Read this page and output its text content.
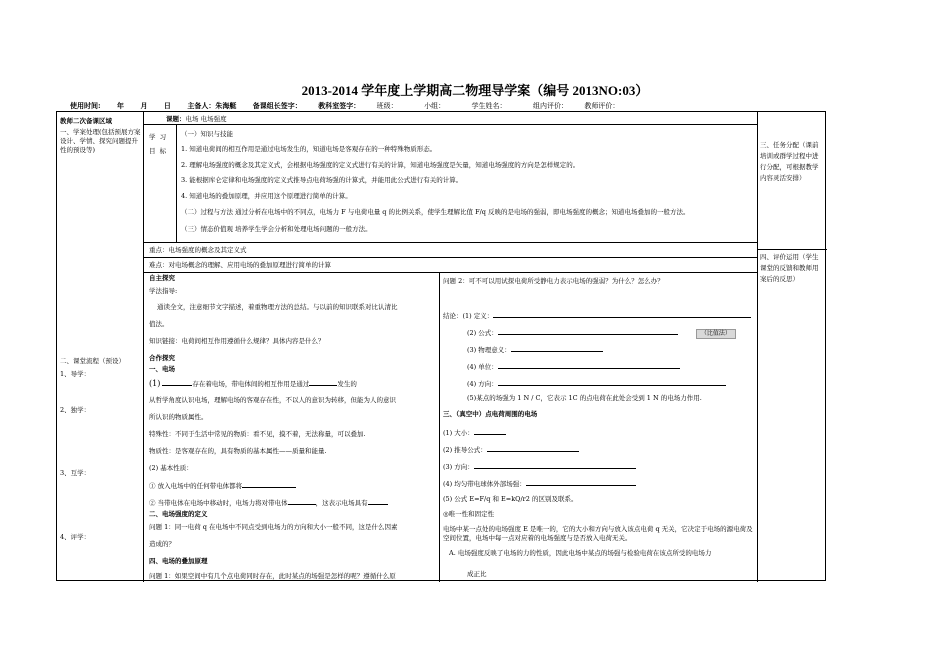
2013-2014 学年度上学期高二物理导学案（编号 2013NO:03）
使用时间: 年 月 日 主备人：朱海艇 备课组长签字： 教科室签字： 班级：	小组：	学生姓名：	组内评价： 教师评价：
教师二次备课区域
一、学案处理(包括预展方案设计、学情、探究问题提升性的预设等)
二、课堂流程（预设）
1、导学：
2、独学：
3、互学：
4、评学：
三、任务分配（课前培训或群学过程中进行分配，可根据教学内容灵活安排）
四、评价运用（学生课堂的反馈和教师用案后的反思）
课题：电场 电场强度
学 习 目 标
（一）知识与技能
1. 知道电荷间的相互作用是通过电场发生的，知道电场是客观存在的一种特殊物质形态。
2. 理解电场强度的概念及其定义式，会根据电场强度的定义式进行有关的计算，知道电场强度是矢量，知道电场强度的方向是怎样规定的。
3. 能根据库仑定律和电场强度的定义式推导点电荷场强的计算式，并能用此公式进行有关的计算。
4. 知道电场的叠加原理，并应用这个原理进行简单的计算。
（二）过程与方法 通过分析在电场中的不同点，电场力 F 与电荷电量 q 的比例关系，使学生理解比值 F/q 反映的是电场的强弱，即电场强度的概念；知道电场叠加的一般方法。
（三）情态价值观 培养学生学会分析和处理电场问题的一般方法。
重点：电场强度的概念及其定义式
难点：对电场概念的理解、应用电场的叠加原理进行简单的计算
自主探究
学法指导:
通读全文，注意细节文字描述，着重物理方法的总结。与以前的知识联系对比认清比
值法。
知识链接：电荷间相互作用遵循什么规律？具体内容是什么？
合作探究
一、电场
(1)	存在着电场，带电体间的相互作用是通过	发生的
从哲学角度认识电场，理解电场的客观存在性，不以人的意识为转移，但能为人的意识
所认识的物质属性。
特殊性：不同于生活中常见的物质：看不见，摸不着，无法称量，可以叠加.
物质性：是客观存在的，具有物质的基本属性——质量和能量.
(2) 基本性质：
① 放入电场中的任何带电体都将
② 当带电体在电场中移动时，电场力将对带电体	，这表示电场具有
二、电场强度的定义
问题 1：同一电荷 q 在电场中不同点受到电场力的方向和大小一般不同，这是什么因素
造成的？
四、电场的叠加原理
问题 1：如果空间中有几个点电荷同时存在，此时某点的场强是怎样的呢？遵循什么原
问题 2：可不可以用试探电荷所受静电力表示电场的强弱？为什么？怎么办？
结论：(1) 定义：
(2) 公式：	（比值法）
(3) 物理意义：
(4) 单位：
(4) 方向：
(5)某点的场强为 1 N / C，它表示 1C 的点电荷在此处会受到 1 N 的电场力作用.
三、（真空中）点电荷周围的电场
(1) 大小：
(2) 推导公式：
(3) 方向：
(4) 均匀带电球体外部场强：
(5) 公式 E=F/q 和 E=kQ/r2 的区别及联系。
◎唯一性和固定性
电场中某一点处的电场强度 E 是唯一的，它的大小和方向与放入该点电荷 q 无关，它决定于电场的源电荷及空间位置，电场中每一点对应着的电场强度与是否放入电荷无关。
A. 电场强度反映了电场的力的性质，因此电场中某点的场强与检验电荷在该点所受的电场力
成正比
